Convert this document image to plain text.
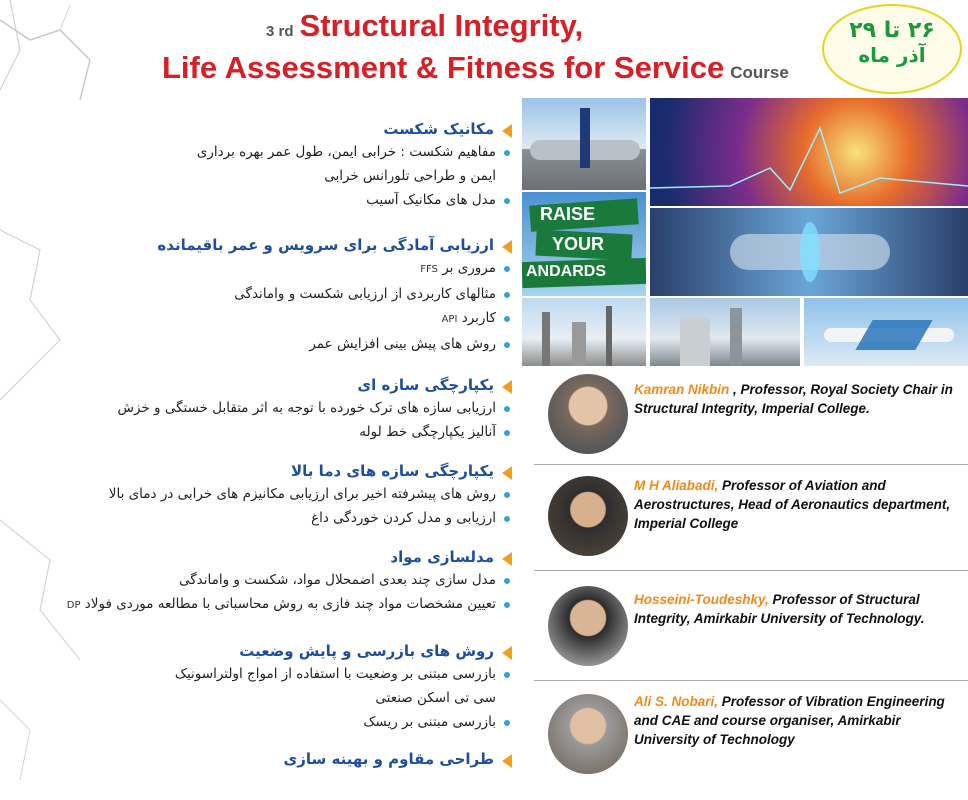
3 rd Structural Integrity,
Life Assessment & Fitness for Service Course
۲۶ تا ۲۹
آذر ماه
مکانیک شکست
مفاهیم شکست : خرابی ایمن، طول عمر بهره برداری
ایمن و طراحی تلورانس خرابی
مدل های مکانیک آسیب
ارزیابی آمادگی برای سرویس و عمر باقیمانده
مروری بر FFS
مثالهای کاربردی از ارزیابی شکست و واماندگی
کاربرد API
روش های پیش بینی افزایش عمر
یکپارچگی سازه ای
ارزیابی سازه های ترک خورده با توجه به اثر متقابل خستگی و خزش
آنالیز یکپارچگی خط لوله
یکپارچگی سازه های دما بالا
روش های پیشرفته اخیر برای ارزیابی مکانیزم های خرابی در دمای بالا
ارزیابی و مدل کردن خوردگی داغ
مدلسازی مواد
مدل سازی چند بعدی اضمحلال مواد، شکست و واماندگی
تعیین مشخصات مواد چند فازی به روش محاسباتی با مطالعه موردی فولاد DP
روش های بازرسی و پایش وضعیت
بازرسی مبتنی بر وضعیت با استفاده از امواج اولتراسونیک
سی تی اسکن صنعتی
بازرسی مبتنی بر ریسک
طراحی مقاوم و بهینه سازی
RAISE
YOUR
ANDARDS
Kamran Nikbin , Professor, Royal Society Chair in Structural Integrity, Imperial College.
M H Aliabadi, Professor of Aviation and Aerostructures, Head of Aeronautics department, Imperial College
Hosseini-Toudeshky, Professor of Structural Integrity, Amirkabir University of Technology.
Ali S. Nobari, Professor of Vibration Engineering and CAE and course organiser, Amirkabir University of Technology
